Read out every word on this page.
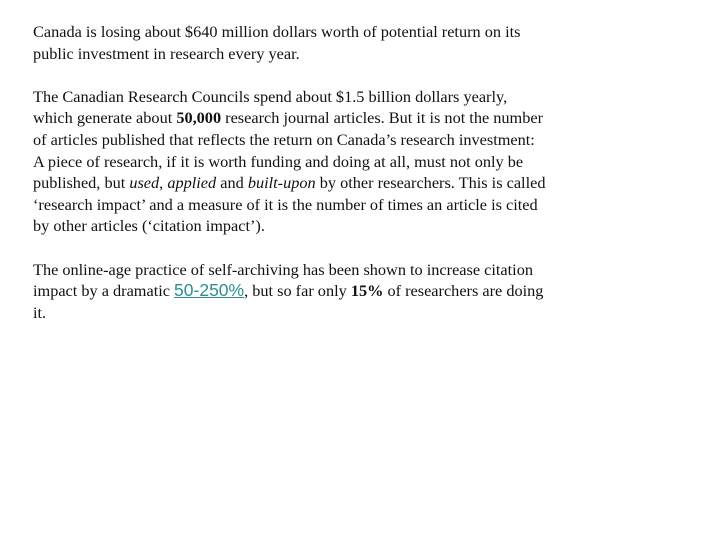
Canada is losing about $640 million dollars worth of potential return on its
public investment in research every year.

The Canadian Research Councils spend about $1.5 billion dollars yearly,
which generate about 50,000 research journal articles. But it is not the number
of articles published that reflects the return on Canada’s research investment:
A piece of research, if it is worth funding and doing at all, must not only be
published, but used, applied and built-upon by other researchers. This is called
‘research impact’ and a measure of it is the number of times an article is cited
by other articles (‘citation impact’).

The online-age practice of self-archiving has been shown to increase citation
impact by a dramatic 50-250%, but so far only 15% of researchers are doing
it.
